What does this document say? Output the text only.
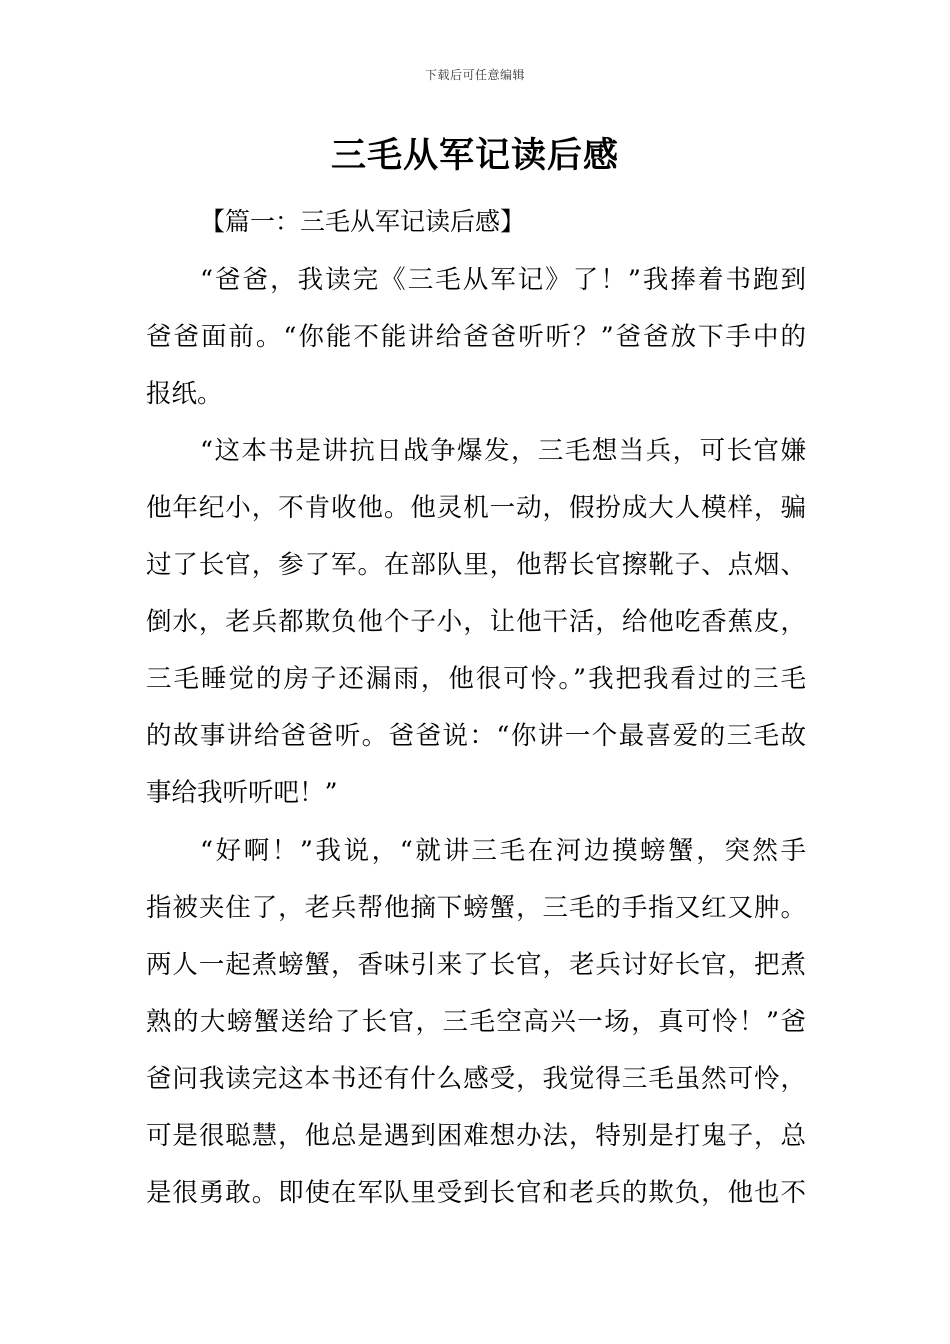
下载后可任意编辑
三毛从军记读后感
【篇一：三毛从军记读后感】
“爸爸，我读完《三毛从军记》了！”我捧着书跑到
爸爸面前。“你能不能讲给爸爸听听？”爸爸放下手中的
报纸。
“这本书是讲抗日战争爆发，三毛想当兵，可长官嫌
他年纪小，不肯收他。他灵机一动，假扮成大人模样，骗
过了长官，参了军。在部队里，他帮长官擦靴子、点烟、
倒水，老兵都欺负他个子小，让他干活，给他吃香蕉皮，
三毛睡觉的房子还漏雨，他很可怜。”我把我看过的三毛
的故事讲给爸爸听。爸爸说：“你讲一个最喜爱的三毛故
事给我听听吧！”
“好啊！”我说，“就讲三毛在河边摸螃蟹，突然手
指被夹住了，老兵帮他摘下螃蟹，三毛的手指又红又肿。
两人一起煮螃蟹，香味引来了长官，老兵讨好长官，把煮
熟的大螃蟹送给了长官，三毛空高兴一场，真可怜！”爸
爸问我读完这本书还有什么感受，我觉得三毛虽然可怜，
可是很聪慧，他总是遇到困难想办法，特别是打鬼子，总
是很勇敢。即使在军队里受到长官和老兵的欺负，他也不
